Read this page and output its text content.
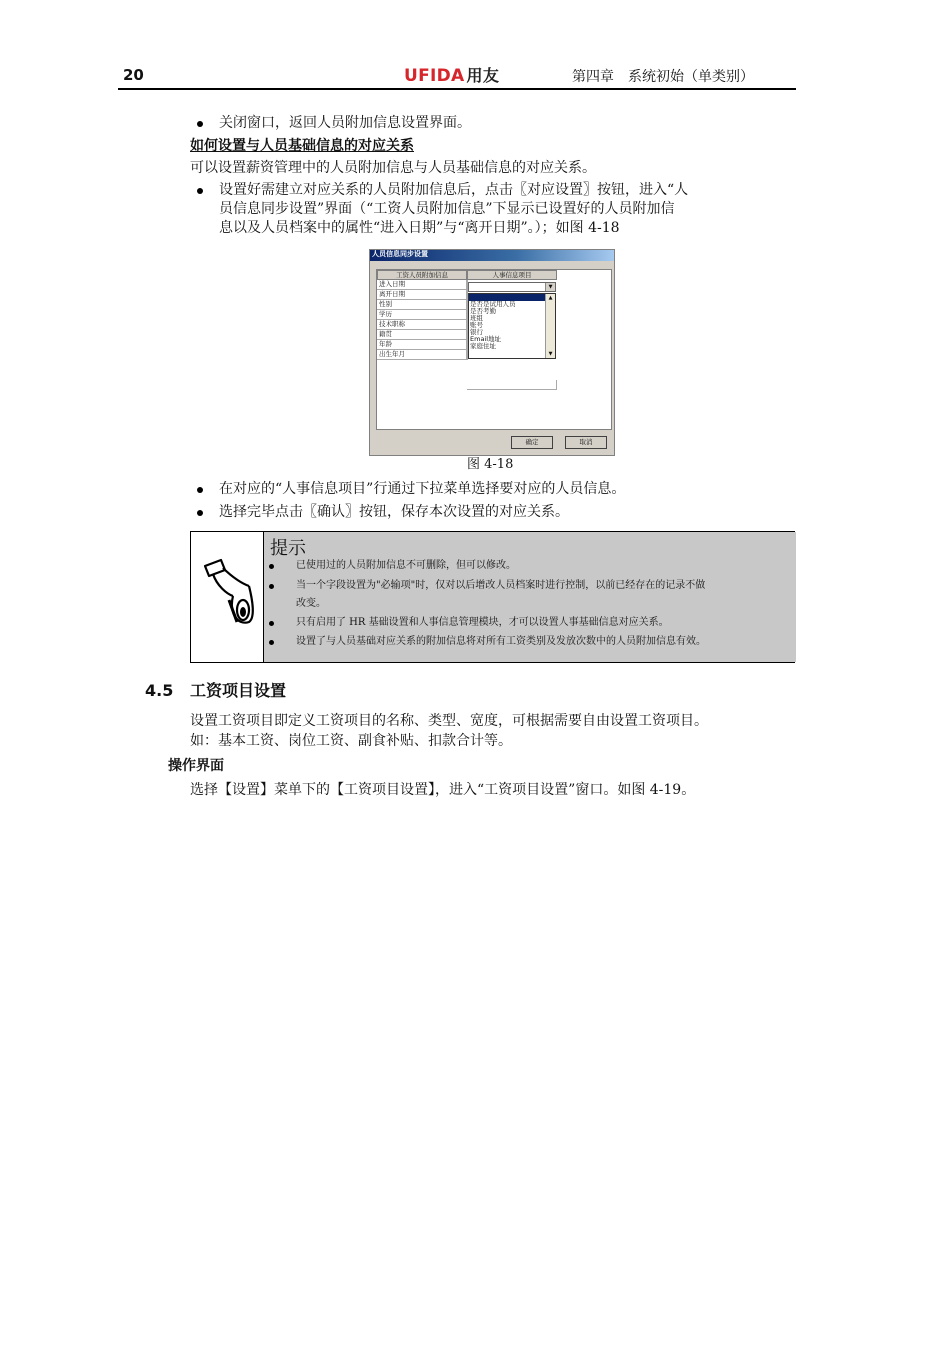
20	UFIDA 用友	第四章　系统初始（单类别）
关闭窗口，返回人员附加信息设置界面。
如何设置与人员基础信息的对应关系
可以设置薪资管理中的人员附加信息与人员基础信息的对应关系。
设置好需建立对应关系的人员附加信息后，点击〖对应设置〗按钮，进入“人
员信息同步设置”界面（“工资人员附加信息”下显示已设置好的人员附加信
息以及人员档案中的属性“进入日期”与“离开日期”。）；如图 4-18
人员信息同步设置
工资人员附加信息	人事信息项目
进入日期
离开日期
性别
学历
技术职称
籍贯
年龄
出生年月
▼
是否是试用人员
是否考勤
班组
账号
银行
Email地址
家庭住址
▲
▼
确定	取消
图 4-18
在对应的“人事信息项目”行通过下拉菜单选择要对应的人员信息。
选择完毕点击〖确认〗按钮，保存本次设置的对应关系。
提示
已使用过的人员附加信息不可删除，但可以修改。
当一个字段设置为"必输项"时，仅对以后增改人员档案时进行控制，以前已经存在的记录不做
改变。
只有启用了 HR 基础设置和人事信息管理模块，才可以设置人事基础信息对应关系。
设置了与人员基础对应关系的附加信息将对所有工资类别及发放次数中的人员附加信息有效。
4.5 工资项目设置
设置工资项目即定义工资项目的名称、类型、宽度，可根据需要自由设置工资项目。
如：基本工资、岗位工资、副食补贴、扣款合计等。
操作界面
选择【设置】菜单下的【工资项目设置】，进入“工资项目设置”窗口。如图 4-19。
